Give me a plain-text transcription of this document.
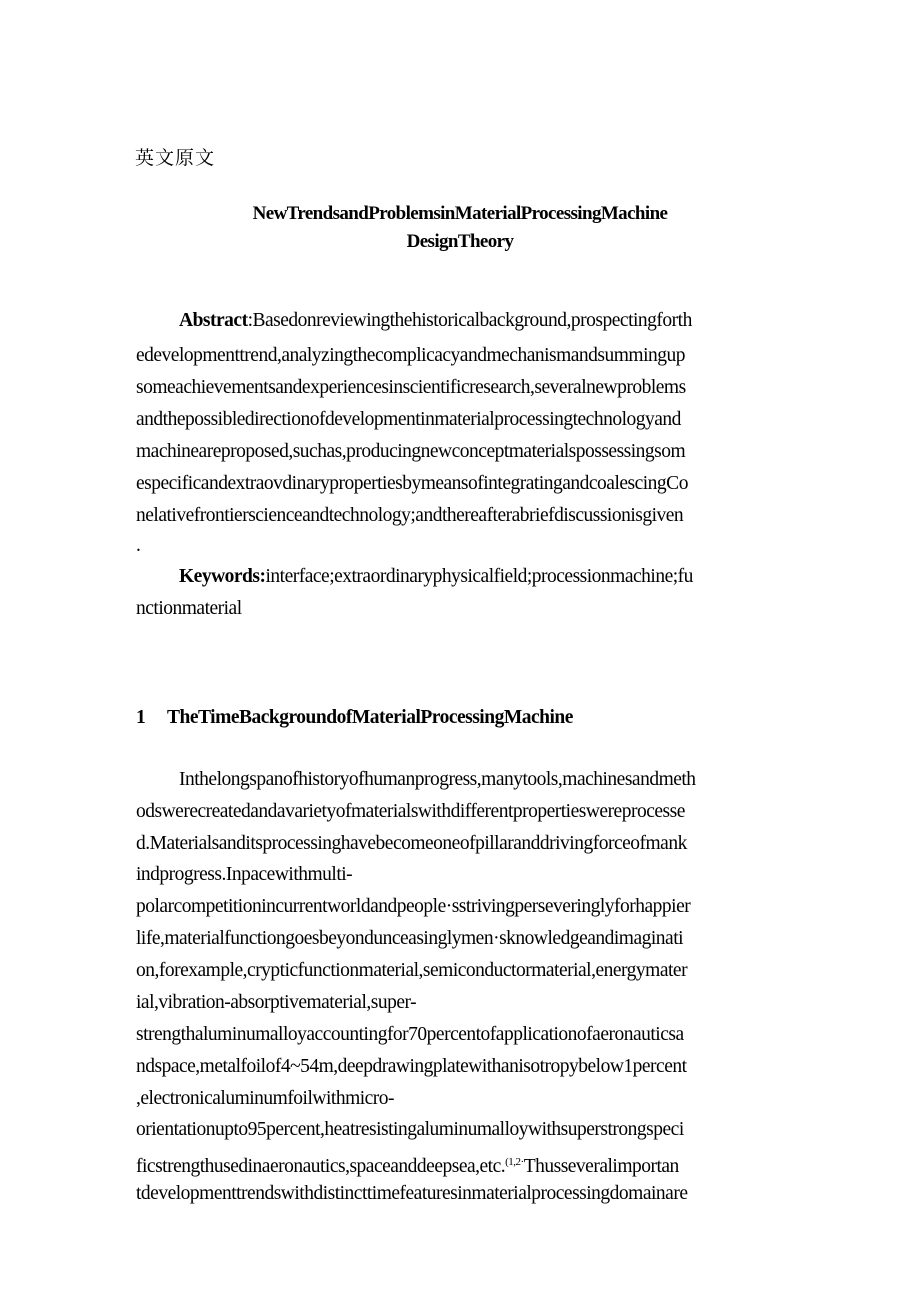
英文原文
NewTrendsandProblemsinMaterialProcessingMachine
DesignTheory
Abstract:Basedonreviewingthehistoricalbackground,prospectingforth
edevelopmenttrend,analyzingthecomplicacyandmechanismandsummingup
someachievementsandexperiencesinscientificresearch,severalnewproblems
andthepossibledirectionofdevelopmentinmaterialprocessingtechnologyand
machineareproposed,suchas,producingnewconceptmaterialspossessingsom
especificandextraovdinarypropertiesbymeansofintegratingandcoalescingCo
nelativefrontierscienceandtechnology;andthereafterabriefdiscussionisgiven
.
Keywords:interface;extraordinaryphysicalfield;processionmachine;fu
nctionmaterial
1 TheTimeBackgroundofMaterialProcessingMachine
Inthelongspanofhistoryofhumanprogress,manytools,machinesandmeth
odswerecreatedandavarietyofmaterialswithdifferentpropertieswereprocesse
d.Materialsanditsprocessinghavebecomeoneofpillaranddrivingforceofmank
indprogress.Inpacewithmulti-
polarcompetitionincurrentworldandpeople·sstrivingperseveringlyforhappier
life,materialfunctiongoesbeyondunceasinglymen·sknowledgeandimaginati
on,forexample,crypticfunctionmaterial,semiconductormaterial,energymater
ial,vibration-absorptivematerial,super-
strengthaluminumalloyaccountingfor70percentofapplicationofaeronauticsa
ndspace,metalfoilof4~54m,deepdrawingplatewithanisotropybelow1percent
,electronicaluminumfoilwithmicro-
orientationupto95percent,heatresistingaluminumalloywithsuperstrongspeci
ficstrengthusedinaeronautics,spaceanddeepsea,etc.$^{(1,2\cdot}$Thusseveralimportan
tdevelopmenttrendswithdistincttimefeaturesinmaterialprocessingdomainare
